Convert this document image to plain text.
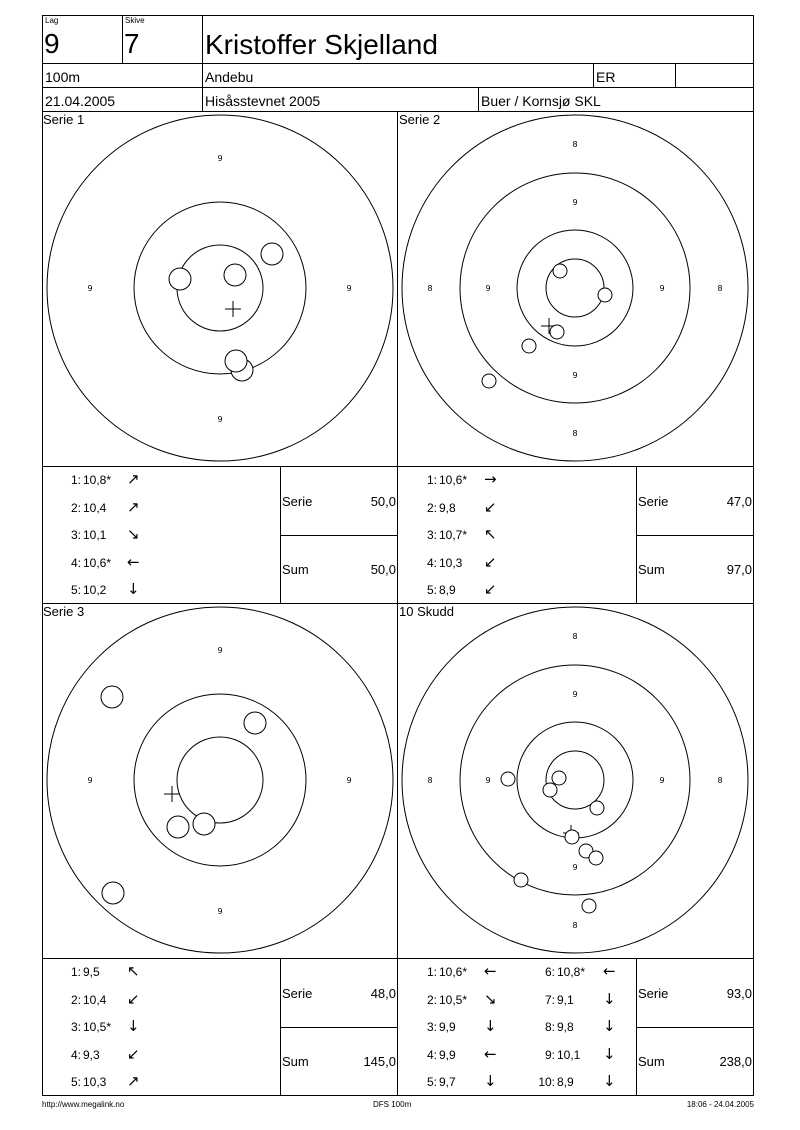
Lag
9
Skive
7 Kristoffer Skjelland
100m	Andebu	ER
21.04.2005	Hisåsstevnet 2005	Buer / Kornsjø SKL
Serie 1	Serie 2
Serie 3	10 Skudd
9
9	9
9
8
9
8	9	9	8
9
8
9
9	9
9
8
9
8	9	9	8
9
8
1: 10,8* ↗
2: 10,4 ↗
3: 10,1 ↘
4: 10,6* ←
5: 10,2 ↓
Serie	50,0
Sum	50,0
1: 10,6* →
2: 9,8 ↙
3: 10,7* ↖
4: 10,3 ↙
5: 8,9 ↙
Serie	47,0
Sum	97,0
1: 9,5 ↖
2: 10,4 ↙
3: 10,5* ↓
4: 9,3 ↙
5: 10,3 ↗
Serie	48,0
Sum	145,0
1: 10,6* ←
2: 10,5* ↘
3: 9,9 ↓
4: 9,9 ←
5: 9,7 ↓
6: 10,8* ←
7: 9,1 ↓
8: 9,8 ↓
9: 10,1 ↓
10: 8,9 ↓
Serie	93,0
Sum	238,0
http://www.megalink.no	DFS 100m	18:06 - 24.04.2005
